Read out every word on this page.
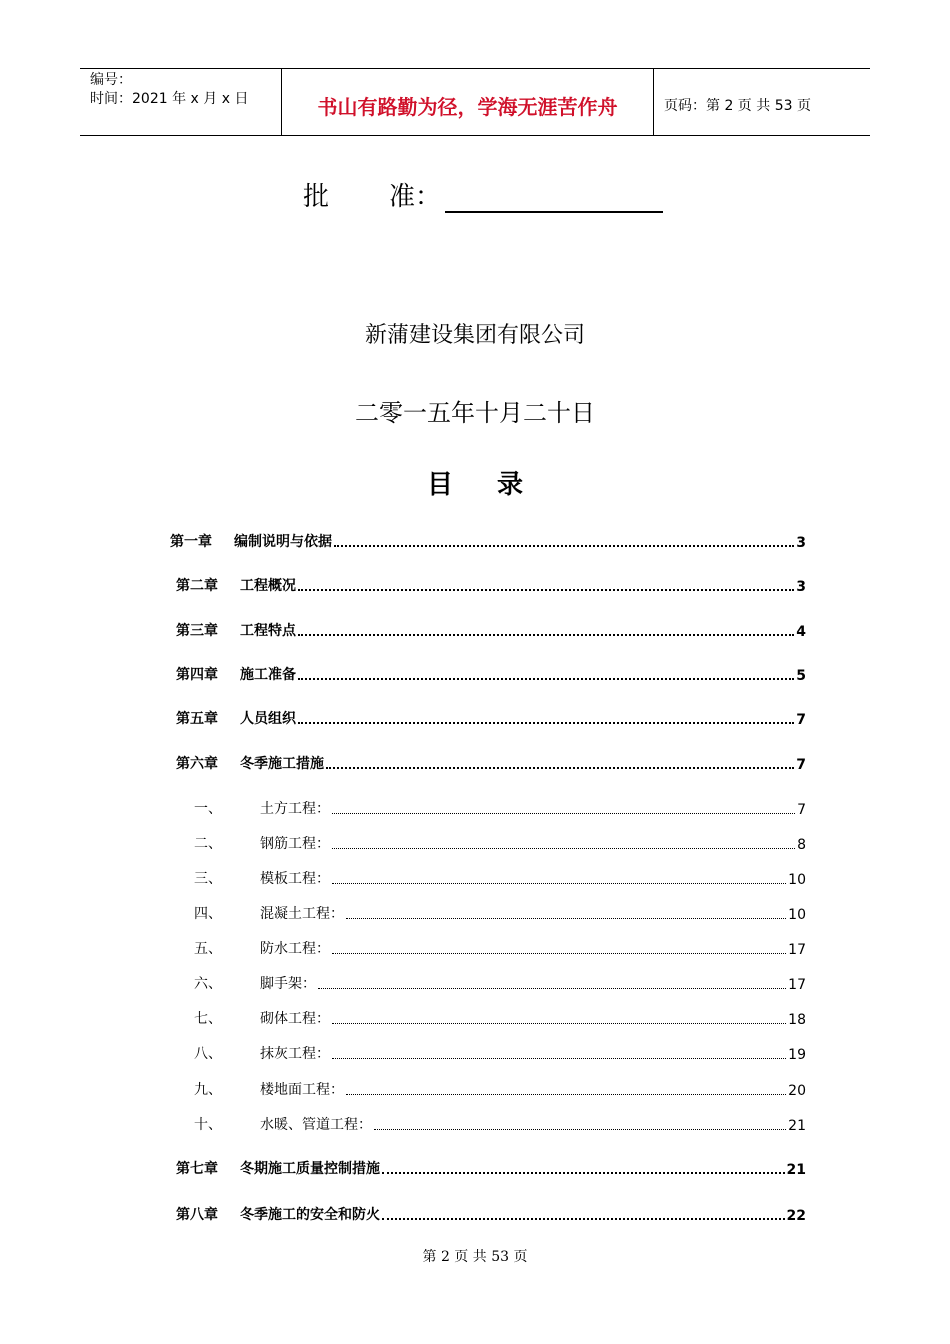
编号：
时间：2021 年 x 月 x 日	书山有路勤为径，学海无涯苦作舟	页码：第 2 页 共 53 页
批 准：
新蒲建设集团有限公司
二零一五年十月二十日
目录
第一章	编制说明与依据	3
第二章	工程概况	3
第三章	工程特点	4
第四章	施工准备	5
第五章	人员组织	7
第六章	冬季施工措施	7
一、	土方工程：	7
二、	钢筋工程：	8
三、	模板工程：	10
四、	混凝土工程：	10
五、	防水工程：	17
六、	脚手架：	17
七、	砌体工程：	18
八、	抹灰工程：	19
九、	楼地面工程：	20
十、	水暖、管道工程：	21
第七章	冬期施工质量控制措施	21
第八章	冬季施工的安全和防火	22
第 2 页 共 53 页
